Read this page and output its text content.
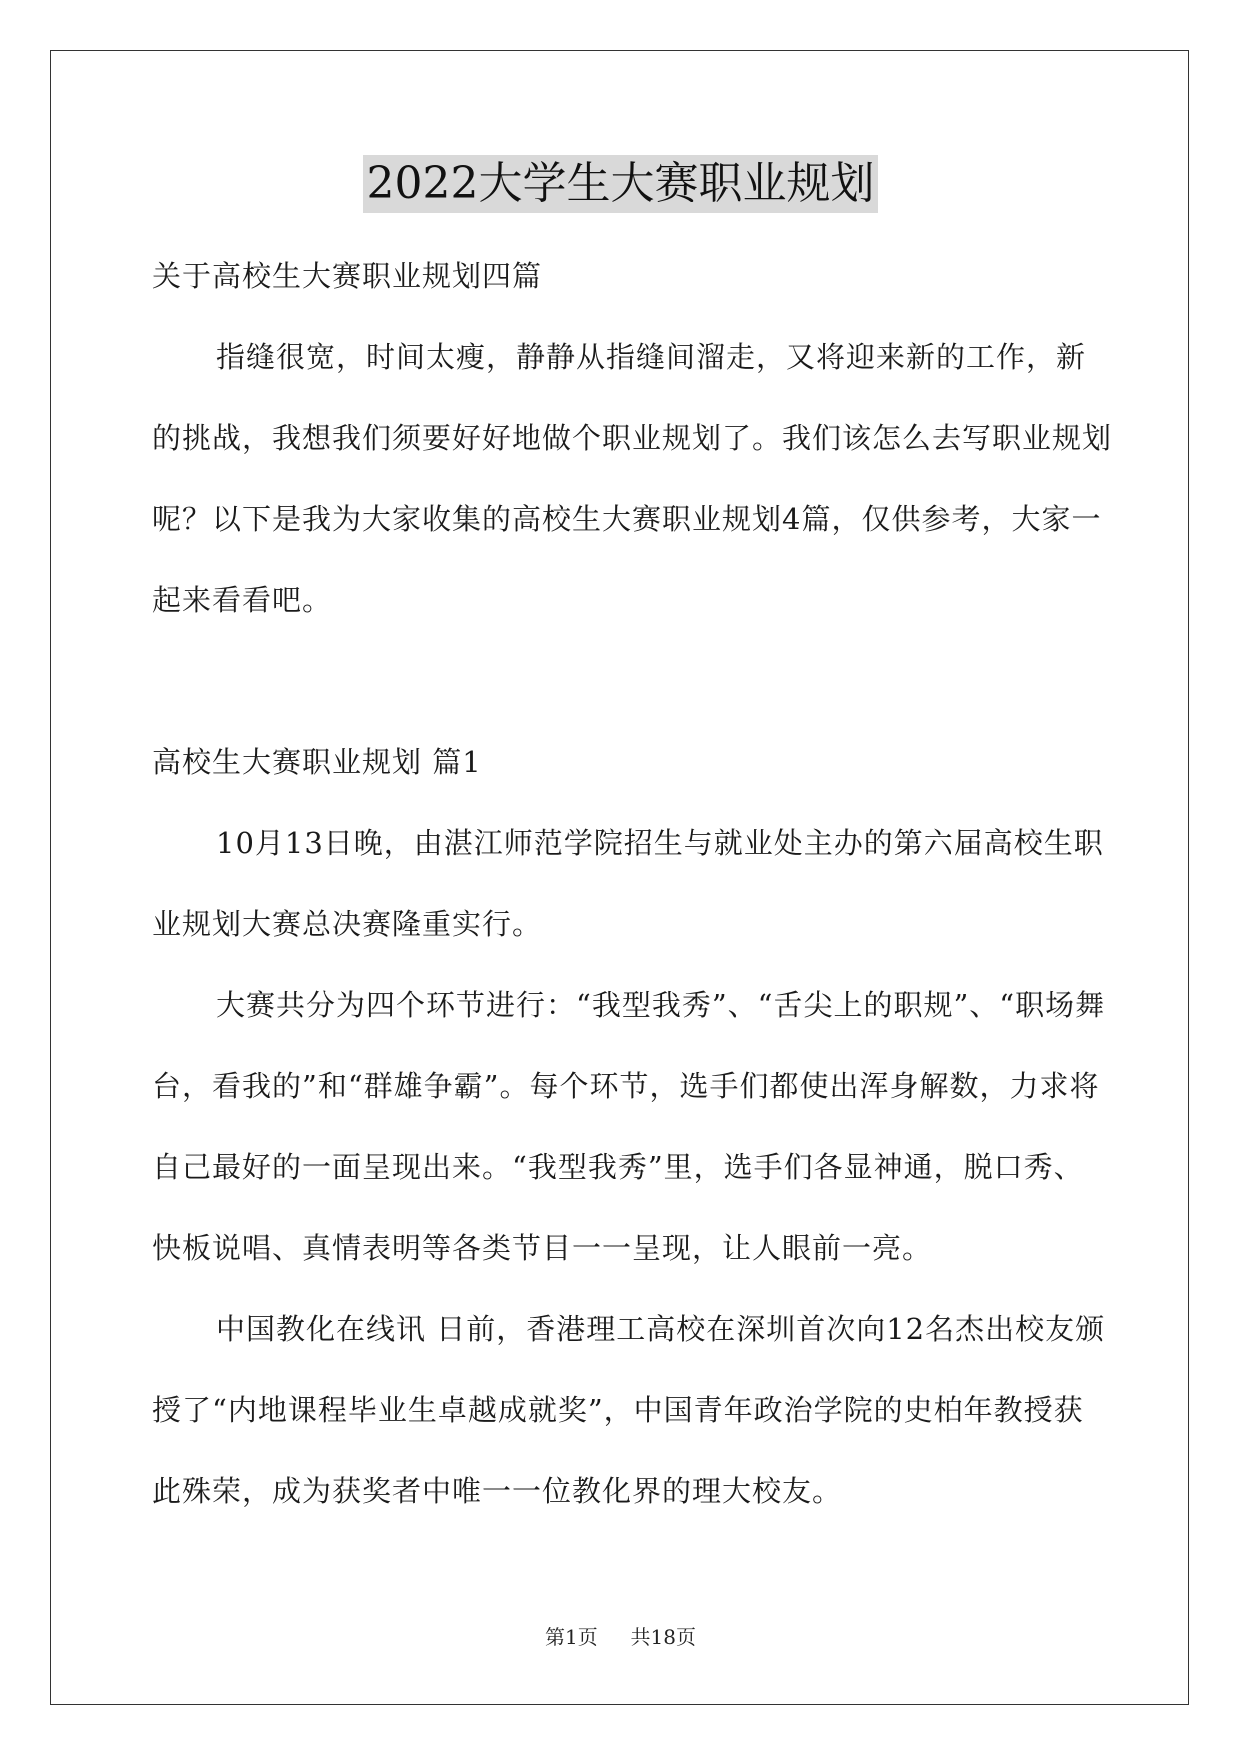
2022大学生大赛职业规划

关于高校生大赛职业规划四篇

指缝很宽，时间太瘦，静静从指缝间溜走，又将迎来新的工作，新的挑战，我想我们须要好好地做个职业规划了。我们该怎么去写职业规划呢？以下是我为大家收集的高校生大赛职业规划4篇，仅供参考，大家一起来看看吧。

高校生大赛职业规划 篇1

10月13日晚，由湛江师范学院招生与就业处主办的第六届高校生职业规划大赛总决赛隆重实行。

大赛共分为四个环节进行：“我型我秀”、“舌尖上的职规”、“职场舞台，看我的”和“群雄争霸”。每个环节，选手们都使出浑身解数，力求将自己最好的一面呈现出来。“我型我秀”里，选手们各显神通，脱口秀、快板说唱、真情表明等各类节目一一呈现，让人眼前一亮。

中国教化在线讯 日前，香港理工高校在深圳首次向12名杰出校友颁授了“内地课程毕业生卓越成就奖”，中国青年政治学院的史柏年教授获此殊荣，成为获奖者中唯一一位教化界的理大校友。

第1页 共18页
